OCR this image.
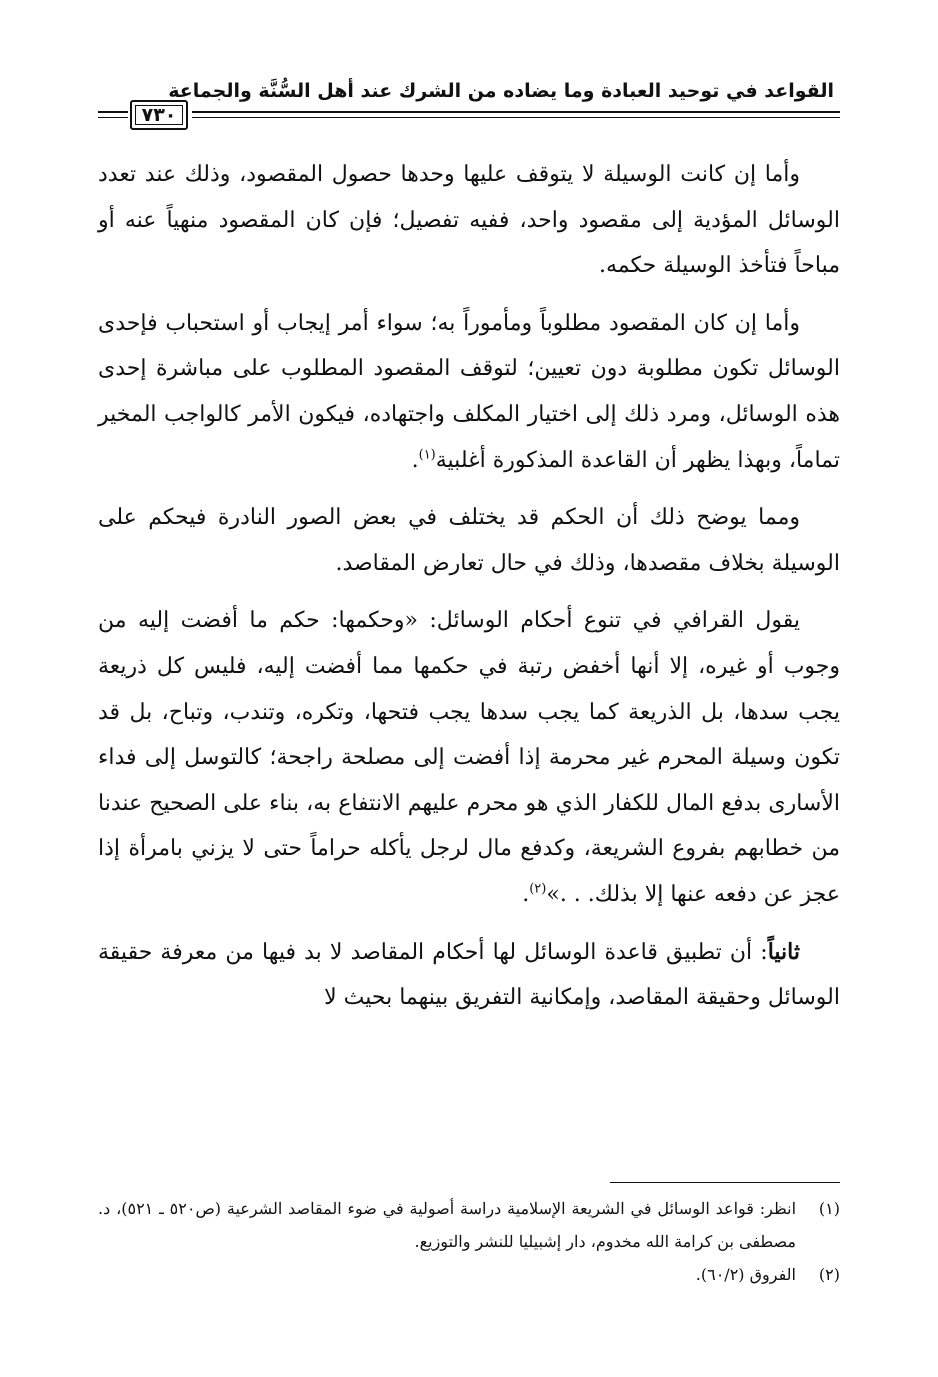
القواعد في توحيد العبادة وما يضاده من الشرك عند أهل السُّنَّة والجماعة
٧٣٠

وأما إن كانت الوسيلة لا يتوقف عليها وحدها حصول المقصود، وذلك عند تعدد الوسائل المؤدية إلى مقصود واحد، ففيه تفصيل؛ فإن كان المقصود منهياً عنه أو مباحاً فتأخذ الوسيلة حكمه.

وأما إن كان المقصود مطلوباً ومأموراً به؛ سواء أمر إيجاب أو استحباب فإحدى الوسائل تكون مطلوبة دون تعيين؛ لتوقف المقصود المطلوب على مباشرة إحدى هذه الوسائل، ومرد ذلك إلى اختيار المكلف واجتهاده، فيكون الأمر كالواجب المخير تماماً، وبهذا يظهر أن القاعدة المذكورة أغلبية$^{(١)}$.

ومما يوضح ذلك أن الحكم قد يختلف في بعض الصور النادرة فيحكم على الوسيلة بخلاف مقصدها، وذلك في حال تعارض المقاصد.

يقول القرافي في تنوع أحكام الوسائل: «وحكمها: حكم ما أفضت إليه من وجوب أو غيره، إلا أنها أخفض رتبة في حكمها مما أفضت إليه، فليس كل ذريعة يجب سدها، بل الذريعة كما يجب سدها يجب فتحها، وتكره، وتندب، وتباح، بل قد تكون وسيلة المحرم غير محرمة إذا أفضت إلى مصلحة راجحة؛ كالتوسل إلى فداء الأسارى بدفع المال للكفار الذي هو محرم عليهم الانتفاع به، بناء على الصحيح عندنا من خطابهم بفروع الشريعة، وكدفع مال لرجل يأكله حراماً حتى لا يزني بامرأة إذا عجز عن دفعه عنها إلا بذلك. . .»$^{(٢)}$.

ثانياً: أن تطبيق قاعدة الوسائل لها أحكام المقاصد لا بد فيها من معرفة حقيقة الوسائل وحقيقة المقاصد، وإمكانية التفريق بينهما بحيث لا

(١)
انظر: قواعد الوسائل في الشريعة الإسلامية دراسة أصولية في ضوء المقاصد الشرعية (ص٥٢٠ ـ ٥٢١)، د. مصطفى بن كرامة الله مخدوم، دار إشبيليا للنشر والتوزيع.
(٢)
الفروق (٦٠/٢).
